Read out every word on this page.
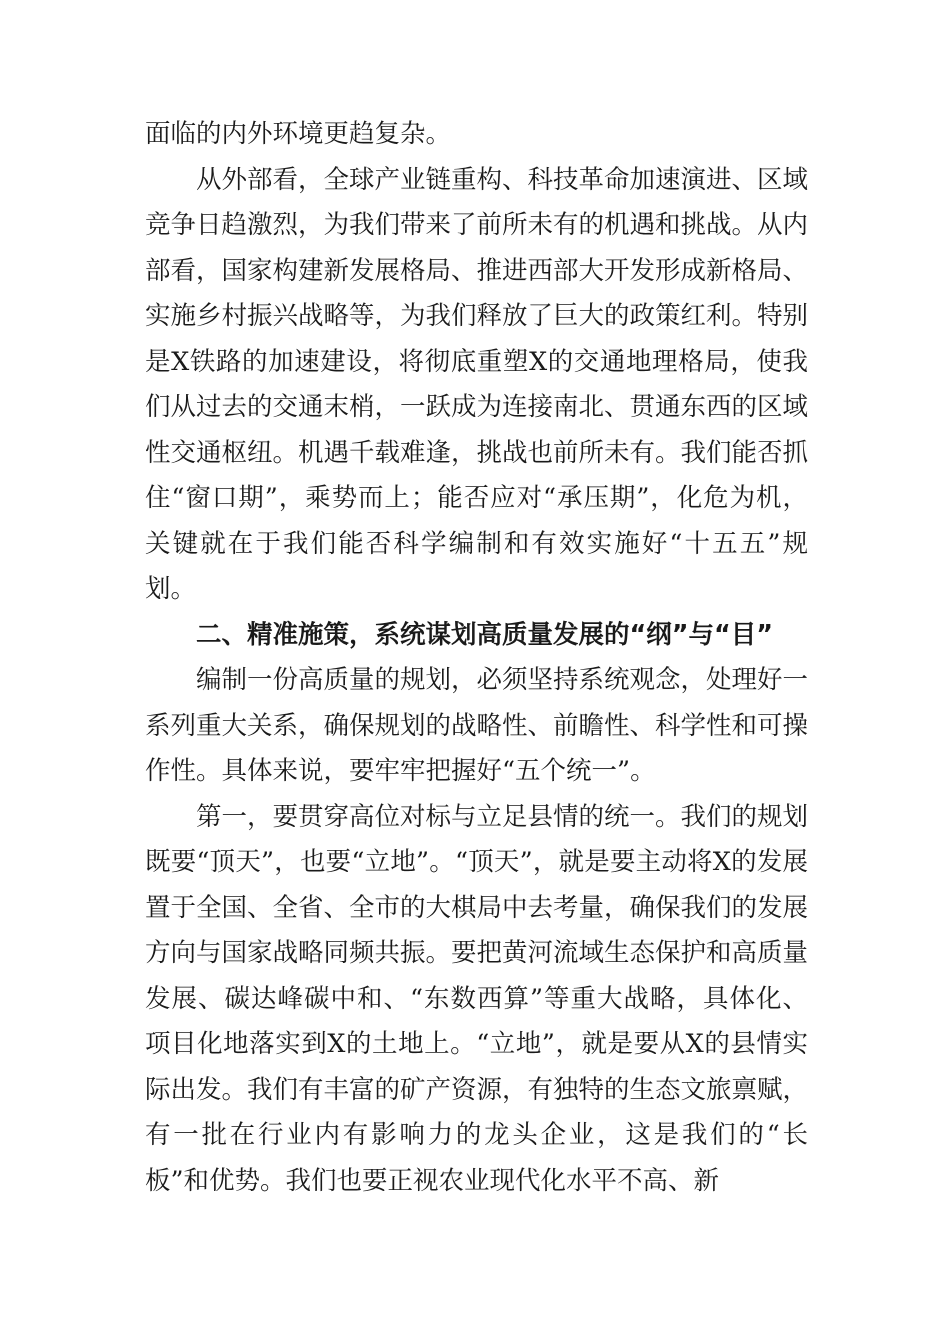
面临的内外环境更趋复杂。

从外部看，全球产业链重构、科技革命加速演进、区域竞争日趋激烈，为我们带来了前所未有的机遇和挑战。从内部看，国家构建新发展格局、推进西部大开发形成新格局、实施乡村振兴战略等，为我们释放了巨大的政策红利。特别是X铁路的加速建设，将彻底重塑X的交通地理格局，使我们从过去的交通末梢，一跃成为连接南北、贯通东西的区域性交通枢纽。机遇千载难逢，挑战也前所未有。我们能否抓住“窗口期”，乘势而上；能否应对“承压期”，化危为机，关键就在于我们能否科学编制和有效实施好“十五五”规划。

二、精准施策，系统谋划高质量发展的“纲”与“目”

编制一份高质量的规划，必须坚持系统观念，处理好一系列重大关系，确保规划的战略性、前瞻性、科学性和可操作性。具体来说，要牢牢把握好“五个统一”。

第一，要贯穿高位对标与立足县情的统一。我们的规划既要“顶天”，也要“立地”。“顶天”，就是要主动将X的发展置于全国、全省、全市的大棋局中去考量，确保我们的发展方向与国家战略同频共振。要把黄河流域生态保护和高质量发展、碳达峰碳中和、“东数西算”等重大战略，具体化、项目化地落实到X的土地上。“立地”，就是要从X的县情实际出发。我们有丰富的矿产资源，有独特的生态文旅禀赋，有一批在行业内有影响力的龙头企业，这是我们的“长板”和优势。我们也要正视农业现代化水平不高、新
